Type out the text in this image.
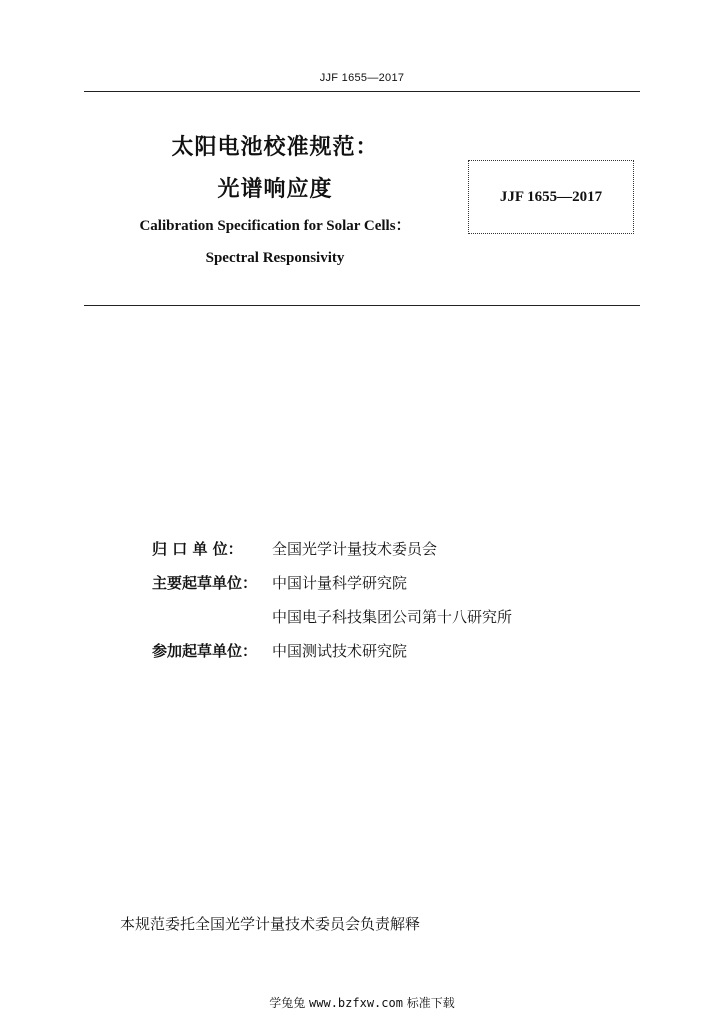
JJF 1655—2017
太阳电池校准规范：
光谱响应度
Calibration Specification for Solar Cells：
Spectral Responsivity
JJF 1655—2017
归 口 单 位：	全国光学计量技术委员会
主要起草单位： 中国计量科学研究院
中国电子科技集团公司第十八研究所
参加起草单位： 中国测试技术研究院
本规范委托全国光学计量技术委员会负责解释
学兔兔 www.bzfxw.com 标准下载
